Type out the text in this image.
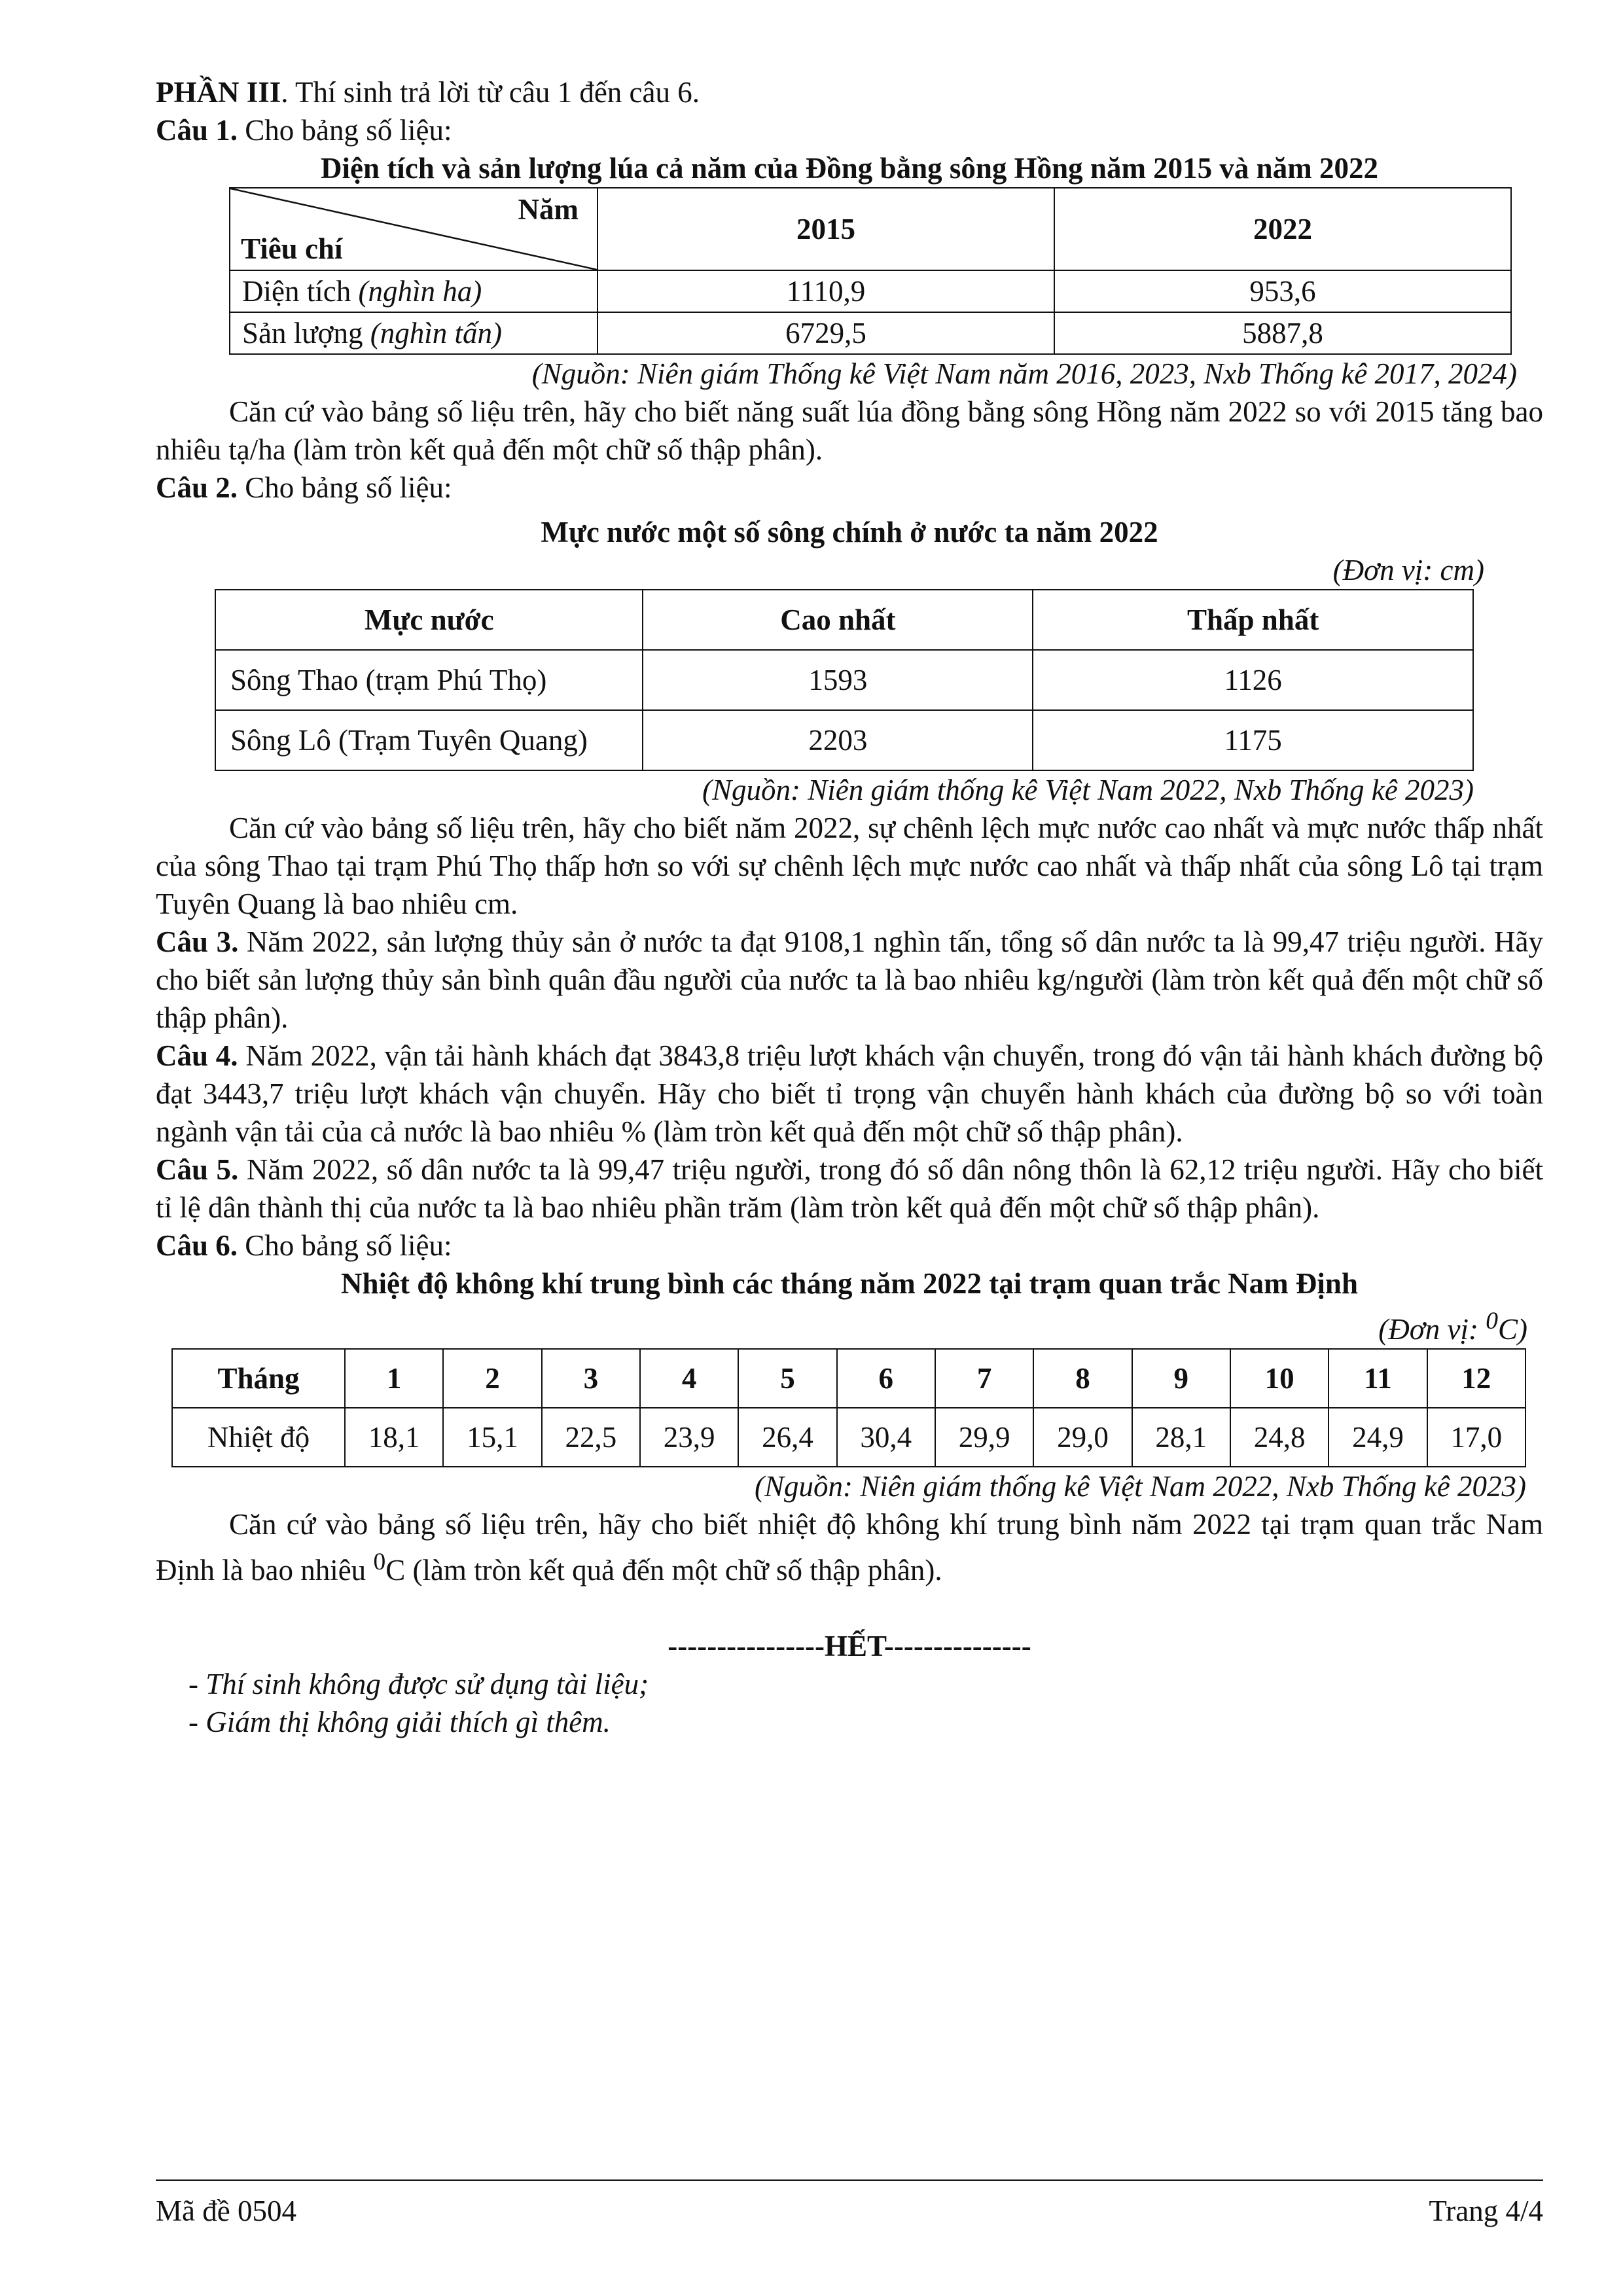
PHẦN III. Thí sinh trả lời từ câu 1 đến câu 6.

Câu 1. Cho bảng số liệu:

Diện tích và sản lượng lúa cả năm của Đồng bằng sông Hồng năm 2015 và năm 2022

Năm
Tiêu chí	2015	2022
Diện tích (nghìn ha)	1110,9	953,6
Sản lượng (nghìn tấn)	6729,5	5887,8

(Nguồn: Niên giám Thống kê Việt Nam năm 2016, 2023, Nxb Thống kê 2017, 2024)

Căn cứ vào bảng số liệu trên, hãy cho biết năng suất lúa đồng bằng sông Hồng năm 2022 so với 2015 tăng bao nhiêu tạ/ha (làm tròn kết quả đến một chữ số thập phân).

Câu 2. Cho bảng số liệu:

Mực nước một số sông chính ở nước ta năm 2022

(Đơn vị: cm)

Mực nước	Cao nhất	Thấp nhất
Sông Thao (trạm Phú Thọ)	1593	1126
Sông Lô (Trạm Tuyên Quang)	2203	1175

(Nguồn: Niên giám thống kê Việt Nam 2022, Nxb Thống kê 2023)

Căn cứ vào bảng số liệu trên, hãy cho biết năm 2022, sự chênh lệch mực nước cao nhất và mực nước thấp nhất của sông Thao tại trạm Phú Thọ thấp hơn so với sự chênh lệch mực nước cao nhất và thấp nhất của sông Lô tại trạm Tuyên Quang là bao nhiêu cm.

Câu 3. Năm 2022, sản lượng thủy sản ở nước ta đạt 9108,1 nghìn tấn, tổng số dân nước ta là 99,47 triệu người. Hãy cho biết sản lượng thủy sản bình quân đầu người của nước ta là bao nhiêu kg/người (làm tròn kết quả đến một chữ số thập phân).

Câu 4. Năm 2022, vận tải hành khách đạt 3843,8 triệu lượt khách vận chuyển, trong đó vận tải hành khách đường bộ đạt 3443,7 triệu lượt khách vận chuyển. Hãy cho biết tỉ trọng vận chuyển hành khách của đường bộ so với toàn ngành vận tải của cả nước là bao nhiêu % (làm tròn kết quả đến một chữ số thập phân).

Câu 5. Năm 2022, số dân nước ta là 99,47 triệu người, trong đó số dân nông thôn là 62,12 triệu người. Hãy cho biết tỉ lệ dân thành thị của nước ta là bao nhiêu phần trăm (làm tròn kết quả đến một chữ số thập phân).

Câu 6. Cho bảng số liệu:

Nhiệt độ không khí trung bình các tháng năm 2022 tại trạm quan trắc Nam Định

(Đơn vị: $^0$C)

Tháng	1	2	3	4	5	6	7	8	9	10	11	12
Nhiệt độ	18,1	15,1	22,5	23,9	26,4	30,4	29,9	29,0	28,1	24,8	24,9	17,0

(Nguồn: Niên giám thống kê Việt Nam 2022, Nxb Thống kê 2023)

Căn cứ vào bảng số liệu trên, hãy cho biết nhiệt độ không khí trung bình năm 2022 tại trạm quan trắc Nam Định là bao nhiêu $^0$C (làm tròn kết quả đến một chữ số thập phân).

----------------HẾT---------------

- Thí sinh không được sử dụng tài liệu;

- Giám thị không giải thích gì thêm.

Mã đề 0504	Trang 4/4
